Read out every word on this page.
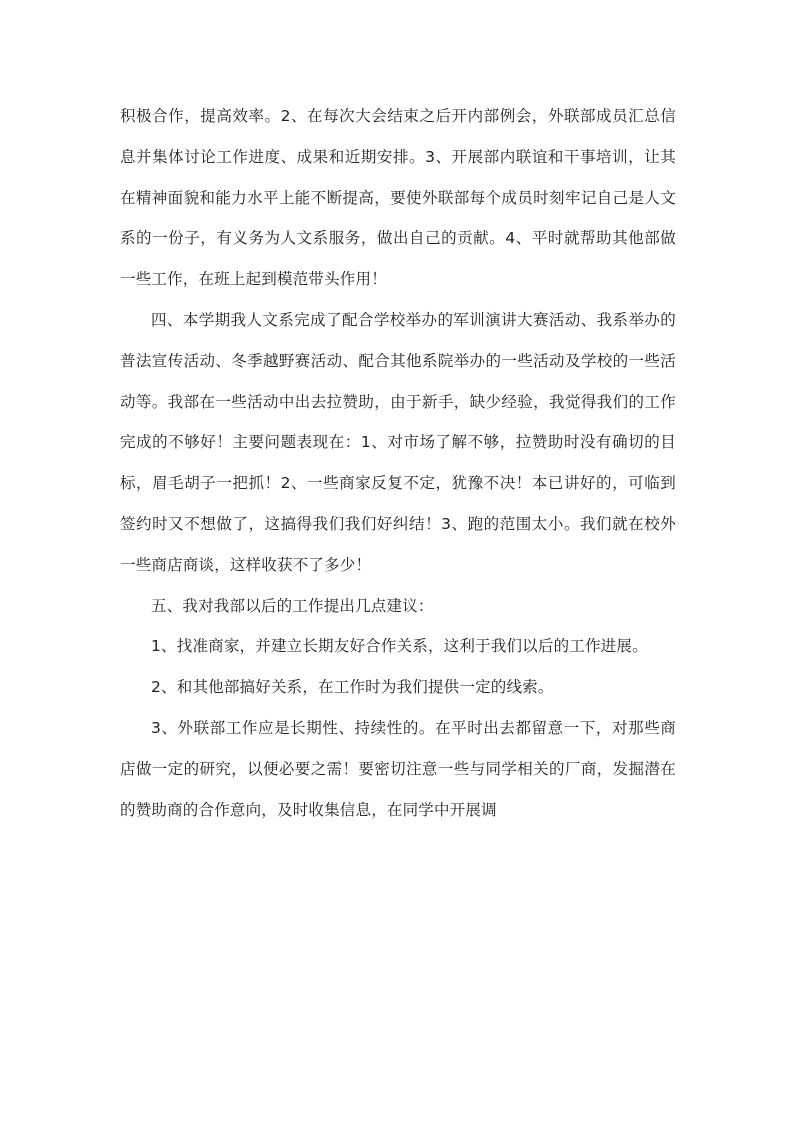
积极合作，提高效率。2、在每次大会结束之后开内部例会，外联部成员汇总信息并集体讨论工作进度、成果和近期安排。3、开展部内联谊和干事培训，让其在精神面貌和能力水平上能不断提高，要使外联部每个成员时刻牢记自己是人文系的一份子，有义务为人文系服务，做出自己的贡献。4、平时就帮助其他部做一些工作，在班上起到模范带头作用！

四、本学期我人文系完成了配合学校举办的军训演讲大赛活动、我系举办的普法宣传活动、冬季越野赛活动、配合其他系院举办的一些活动及学校的一些活动等。我部在一些活动中出去拉赞助，由于新手，缺少经验，我觉得我们的工作完成的不够好！主要问题表现在：1、对市场了解不够，拉赞助时没有确切的目标，眉毛胡子一把抓！2、一些商家反复不定，犹豫不决！本已讲好的，可临到签约时又不想做了，这搞得我们我们好纠结！3、跑的范围太小。我们就在校外一些商店商谈，这样收获不了多少！

五、我对我部以后的工作提出几点建议：

1、找准商家，并建立长期友好合作关系，这利于我们以后的工作进展。

2、和其他部搞好关系，在工作时为我们提供一定的线索。

3、外联部工作应是长期性、持续性的。在平时出去都留意一下，对那些商店做一定的研究，以便必要之需！要密切注意一些与同学相关的厂商，发掘潜在的赞助商的合作意向，及时收集信息，在同学中开展调
